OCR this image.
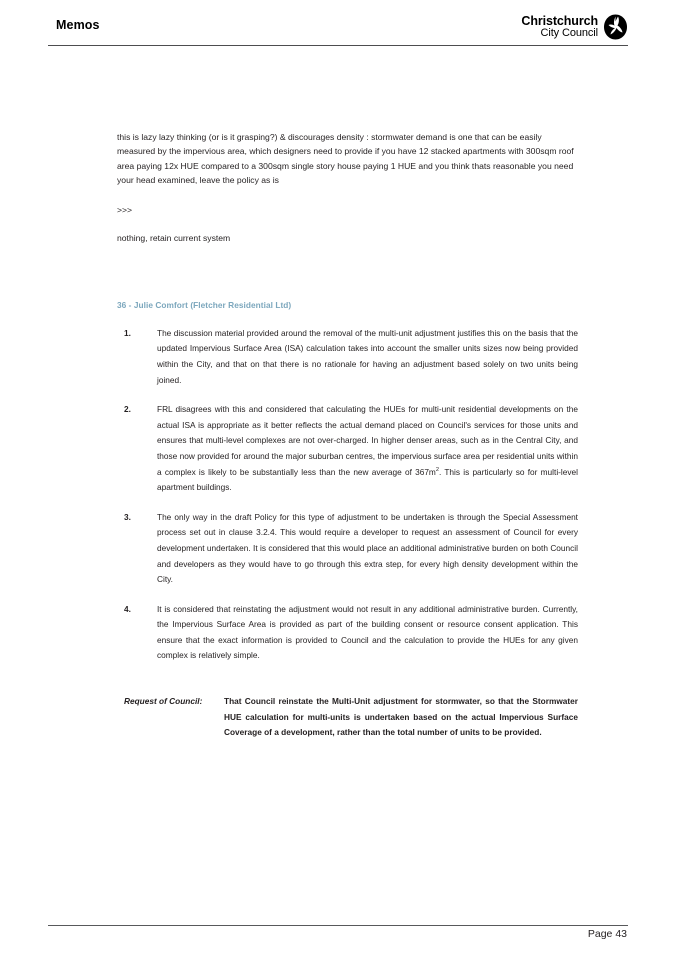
Memos	Christchurch
City Council

this is lazy lazy thinking (or is it grasping?) & discourages density : stormwater demand is one that can be easily measured by the impervious area, which designers need to provide if you have 12 stacked apartments with 300sqm roof area paying 12x HUE compared to a 300sqm single story house paying 1 HUE and you think thats reasonable you need your head examined, leave the policy as is

>>>

nothing, retain current system

36 - Julie Comfort (Fletcher Residential Ltd)

1.	The discussion material provided around the removal of the multi-unit adjustment justifies this on the basis that the updated Impervious Surface Area (ISA) calculation takes into account the smaller units sizes now being provided within the City, and that on that there is no rationale for having an adjustment based solely on two units being joined.
2.	FRL disagrees with this and considered that calculating the HUEs for multi-unit residential developments on the actual ISA is appropriate as it better reflects the actual demand placed on Council's services for those units and ensures that multi-level complexes are not over-charged. In higher denser areas, such as in the Central City, and those now provided for around the major suburban centres, the impervious surface area per residential units within a complex is likely to be substantially less than the new average of $367m^2$. This is particularly so for multi-level apartment buildings.
3.	The only way in the draft Policy for this type of adjustment to be undertaken is through the Special Assessment process set out in clause 3.2.4. This would require a developer to request an assessment of Council for every development undertaken. It is considered that this would place an additional administrative burden on both Council and developers as they would have to go through this extra step, for every high density development within the City.
4.	It is considered that reinstating the adjustment would not result in any additional administrative burden. Currently, the Impervious Surface Area is provided as part of the building consent or resource consent application. This ensure that the exact information is provided to Council and the calculation to provide the HUEs for any given complex is relatively simple.
Request of Council:	That Council reinstate the Multi-Unit adjustment for stormwater, so that the Stormwater HUE calculation for multi-units is undertaken based on the actual Impervious Surface Coverage of a development, rather than the total number of units to be provided.
Page 43
